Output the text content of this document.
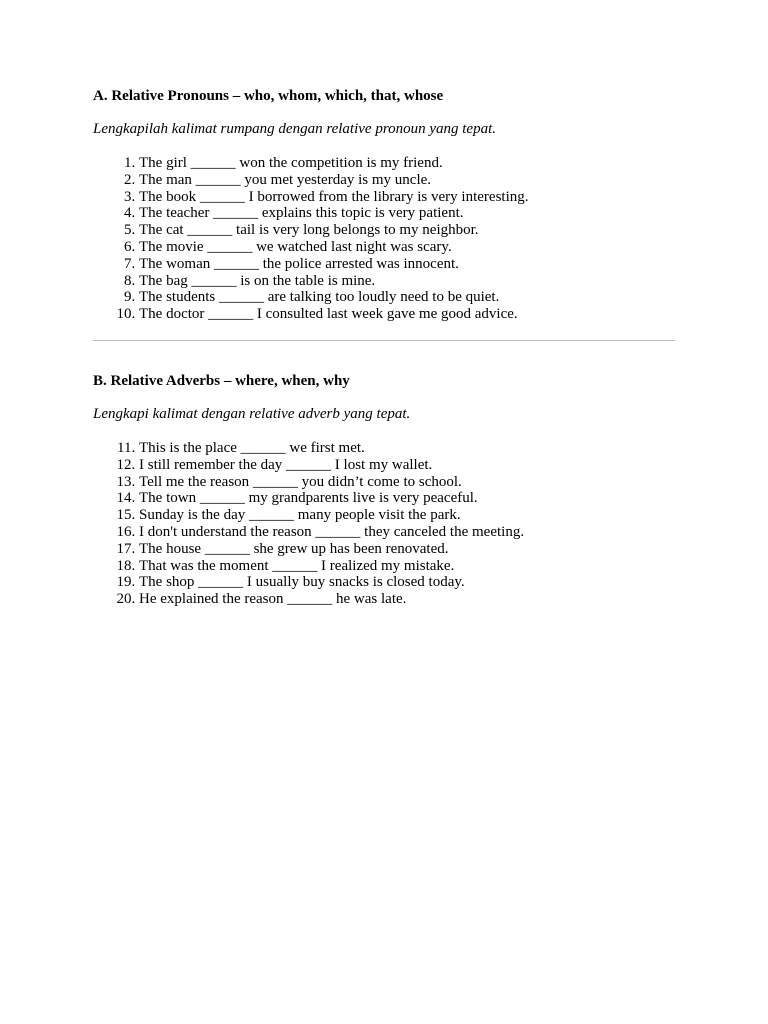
A. Relative Pronouns – who, whom, which, that, whose

Lengkapilah kalimat rumpang dengan relative pronoun yang tepat.

1. The girl ______ won the competition is my friend.
2. The man ______ you met yesterday is my uncle.
3. The book ______ I borrowed from the library is very interesting.
4. The teacher ______ explains this topic is very patient.
5. The cat ______ tail is very long belongs to my neighbor.
6. The movie ______ we watched last night was scary.
7. The woman ______ the police arrested was innocent.
8. The bag ______ is on the table is mine.
9. The students ______ are talking too loudly need to be quiet.
10. The doctor ______ I consulted last week gave me good advice.

B. Relative Adverbs – where, when, why

Lengkapi kalimat dengan relative adverb yang tepat.

11. This is the place ______ we first met.
12. I still remember the day ______ I lost my wallet.
13. Tell me the reason ______ you didn’t come to school.
14. The town ______ my grandparents live is very peaceful.
15. Sunday is the day ______ many people visit the park.
16. I don't understand the reason ______ they canceled the meeting.
17. The house ______ she grew up has been renovated.
18. That was the moment ______ I realized my mistake.
19. The shop ______ I usually buy snacks is closed today.
20. He explained the reason ______ he was late.
